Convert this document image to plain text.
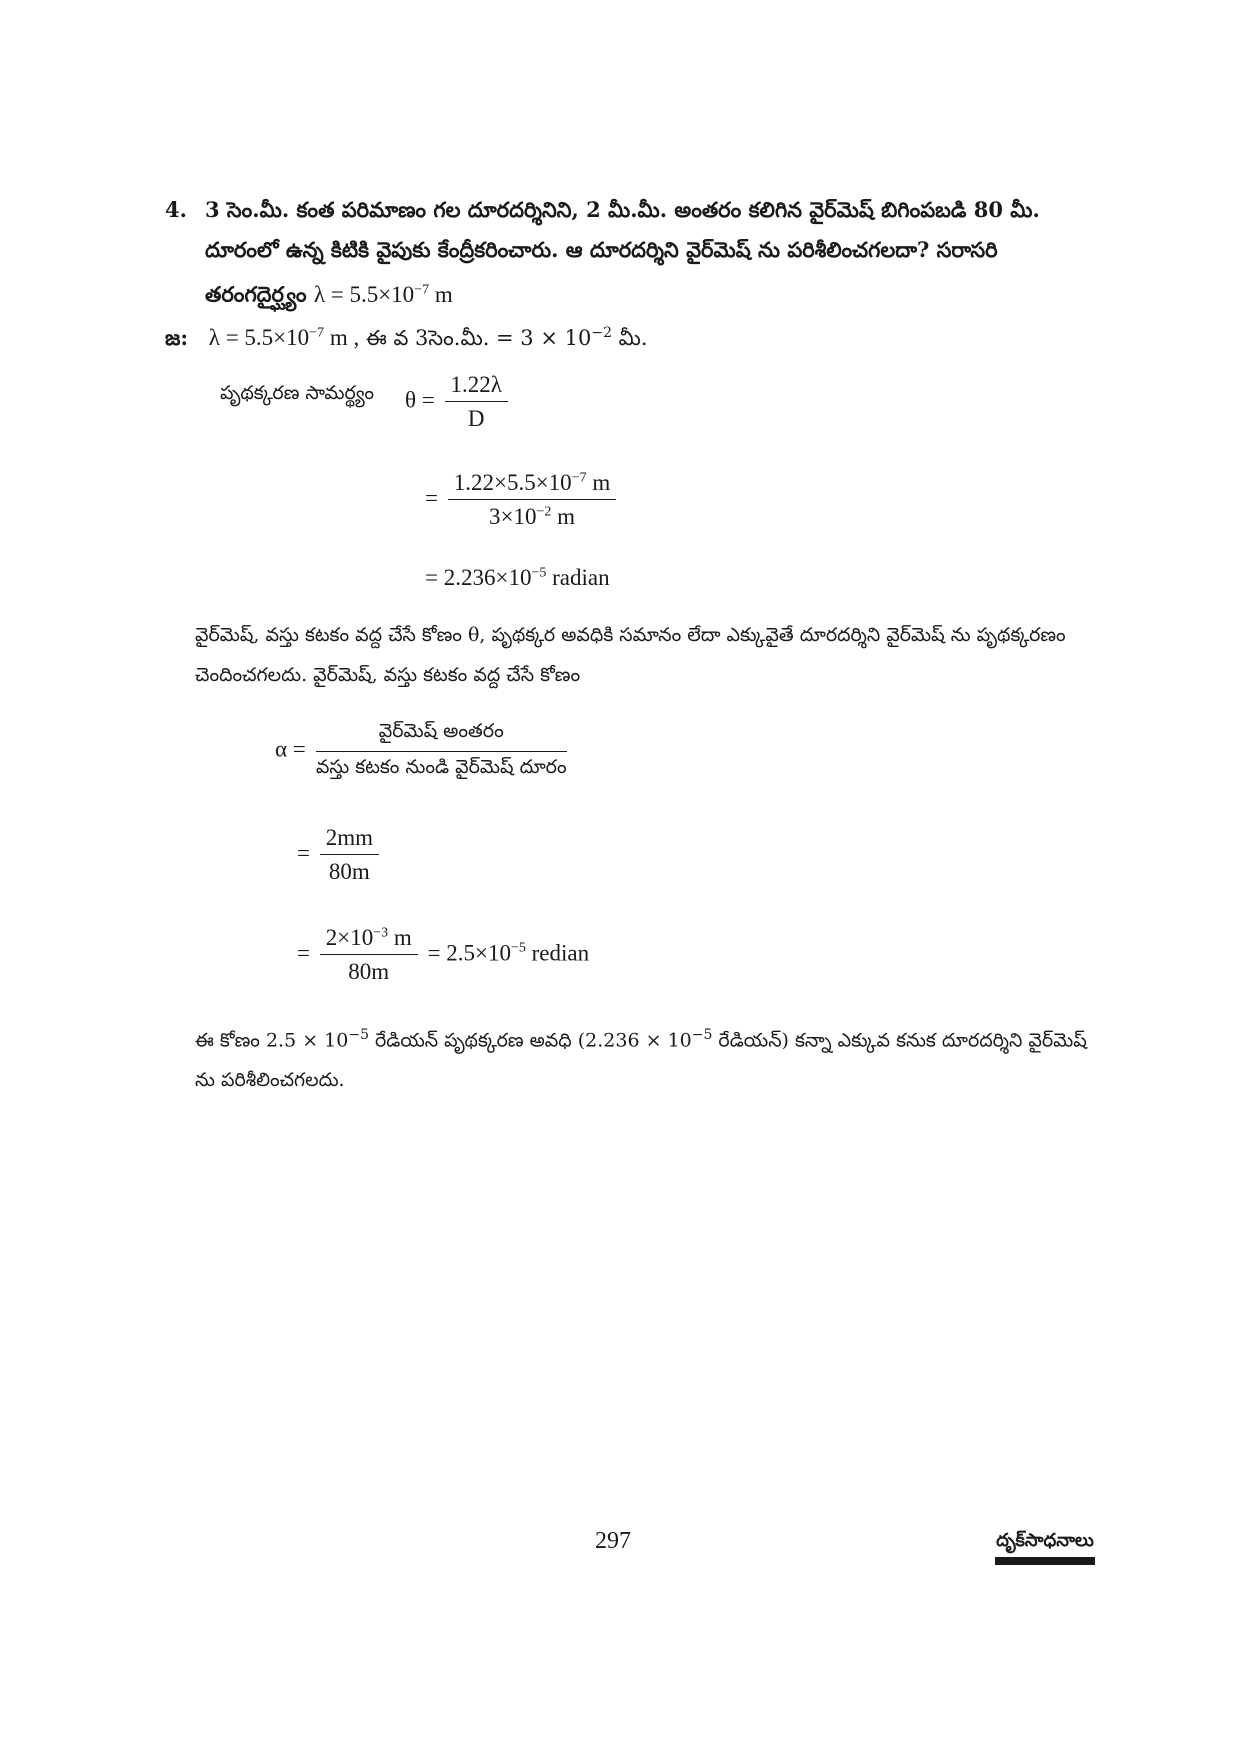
4. 3 సెం.మీ. కంత పరిమాణం గల దూరదర్శినిని, 2 మీ.మీ. అంతరం కలిగిన వైర్‌మెష్ బిగింపబడి 80 మీ. దూరంలో ఉన్న కిటికి వైపుకు కేంద్రీకరించారు. ఆ దూరదర్శిని వైర్‌మెష్ ను పరిశీలించగలదా? సరాసరి తరంగదైర్ఘ్యం $\lambda = 5.5\times 10^{-7}$ m
జ: $\lambda = 5.5\times 10^{-7}$ m , ఈ వ 3సెం.మీ. = $3 \times 10^{-2}$ మీ.
పృథక్కరణ సామర్థ్యం $\theta = \frac{1.22\lambda}{D}$
= $\frac{1.22\times 5.5\times 10^{-7} m}{3\times 10^{-2} m}$
= $2.236\times 10^{-5}$ radian
వైర్‌మెష్, వస్తు కటకం వద్ద చేసే కోణం θ, పృథక్కర అవధికి సమానం లేదా ఎక్కువైతే దూరదర్శిని వైర్‌మెష్ ను పృథక్కరణం చెందించగలదు. వైర్‌మెష్, వస్తు కటకం వద్ద చేసే కోణం
$\alpha = \frac{\text{వైర్‌మెష్ అంతరం}}{\text{వస్తు కటకం నుండి వైర్‌మెష్ దూరం}}$
= $\frac{2mm}{80m}$
= $\frac{2\times 10^{-3} m}{80m} = 2.5\times 10^{-5}$ redian
ఈ కోణం $2.5 \times 10^{-5}$ రేడియన్ పృథక్కరణ అవధి ($2.236 \times 10^{-5}$ రేడియన్) కన్నా ఎక్కువ కనుక దూరదర్శిని వైర్‌మెష్ ను పరిశీలించగలదు.
297	దృక్‌సాధనాలు
